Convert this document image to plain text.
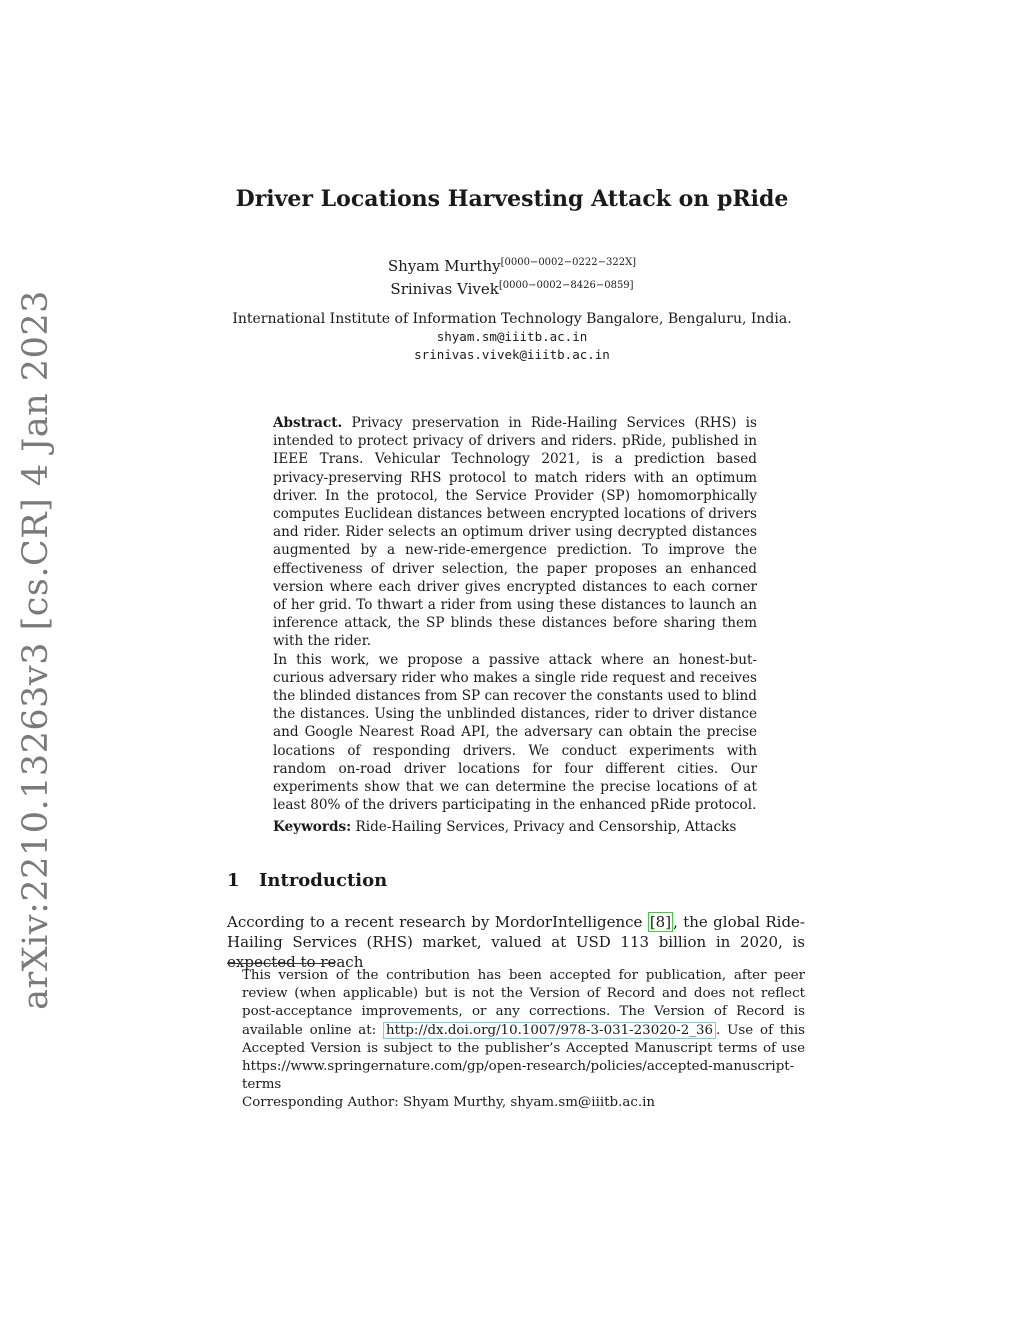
arXiv:2210.13263v3 [cs.CR] 4 Jan 2023
Driver Locations Harvesting Attack on pRide
Shyam Murthy[0000−0002−0222−322X]
Srinivas Vivek[0000−0002−8426−0859]
International Institute of Information Technology Bangalore, Bengaluru, India.
shyam.sm@iiitb.ac.in
srinivas.vivek@iiitb.ac.in

Abstract. Privacy preservation in Ride-Hailing Services (RHS) is intended to protect privacy of drivers and riders. pRide, published in IEEE Trans. Vehicular Technology 2021, is a prediction based privacy-preserving RHS protocol to match riders with an optimum driver. In the protocol, the Service Provider (SP) homomorphically computes Euclidean distances between encrypted locations of drivers and rider. Rider selects an optimum driver using decrypted distances augmented by a new-ride-emergence prediction. To improve the effectiveness of driver selection, the paper proposes an enhanced version where each driver gives encrypted distances to each corner of her grid. To thwart a rider from using these distances to launch an inference attack, the SP blinds these distances before sharing them with the rider.

In this work, we propose a passive attack where an honest-but-curious adversary rider who makes a single ride request and receives the blinded distances from SP can recover the constants used to blind the distances. Using the unblinded distances, rider to driver distance and Google Nearest Road API, the adversary can obtain the precise locations of responding drivers. We conduct experiments with random on-road driver locations for four different cities. Our experiments show that we can determine the precise locations of at least 80% of the drivers participating in the enhanced pRide protocol.

Keywords: Ride-Hailing Services, Privacy and Censorship, Attacks
1 Introduction

According to a recent research by MordorIntelligence [8] , the global Ride-Hailing Services (RHS) market, valued at USD 113 billion in 2020, is expected to reach

This version of the contribution has been accepted for publication, after peer review (when applicable) but is not the Version of Record and does not reflect post-acceptance improvements, or any corrections. The Version of Record is available online at: http://dx.doi.org/10.1007/978-3-031-23020-2_36 . Use of this Accepted Version is subject to the publisher’s Accepted Manuscript terms of use https://www.springernature.com/gp/open-research/policies/accepted-manuscript-terms

Corresponding Author: Shyam Murthy, shyam.sm@iiitb.ac.in
